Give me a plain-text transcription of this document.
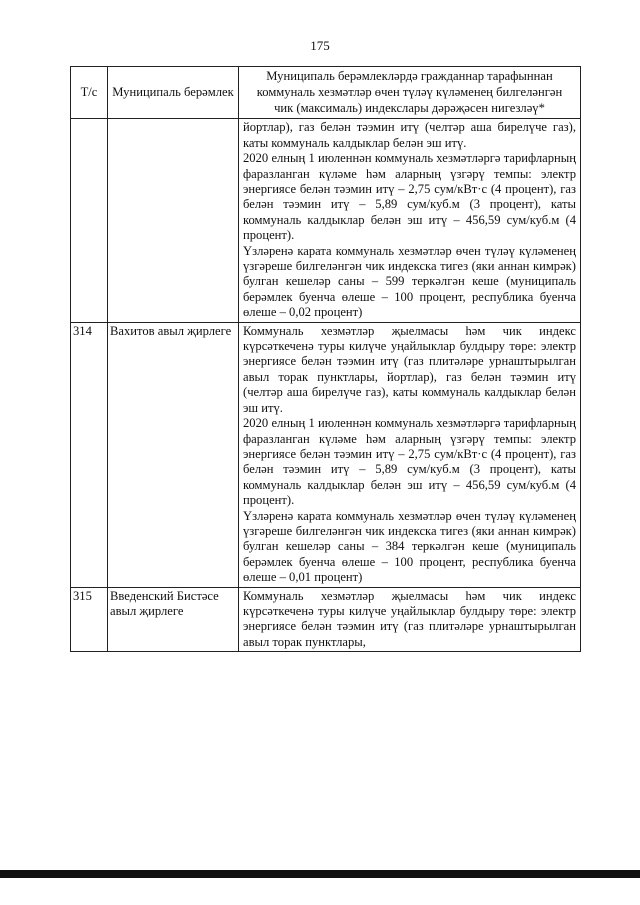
175
Т/с	Муниципаль берәмлек	Муниципаль берәмлекләрдә гражданнар тарафыннан коммуналь хезмәтләр өчен түләү күләменең билгеләнгән чик (максималь) индекслары дәрәҗәсен нигезләү*

		йортлар), газ белән тәэмин итү (челтәр аша бирелүче газ), каты коммуналь калдыклар белән эш итү.

2020 елның 1 июленнән коммуналь хезмәтләргә тарифларның фаразланган күләме һәм аларның үзгәрү темпы: электр энергиясе белән тәэмин итү – 2,75 сум/кВт·с (4 процент), газ белән тәэмин итү – 5,89 сум/куб.м (3 процент), каты коммуналь калдыклар белән эш итү – 456,59 сум/куб.м (4 процент).

Үзләренә карата коммуналь хезмәтләр өчен түләү күләменең үзгәреше билгеләнгән чик индекска тигез (яки аннан кимрәк) булган кешеләр саны – 599 теркәлгән кеше (муниципаль берәмлек буенча өлеше – 100 процент, республика буенча өлеше – 0,02 процент)

314	Вахитов авыл җирлеге	Коммуналь хезмәтләр җыелмасы һәм чик индекс күрсәткеченә туры килүче уңайлыклар булдыру төре: электр энергиясе белән тәэмин итү (газ плитәләре урнаштырылган авыл торак пунктлары, йортлар), газ белән тәэмин итү (челтәр аша бирелүче газ), каты коммуналь калдыклар белән эш итү.

2020 елның 1 июленнән коммуналь хезмәтләргә тарифларның фаразланган күләме һәм аларның үзгәрү темпы: электр энергиясе белән тәэмин итү – 2,75 сум/кВт·с (4 процент), газ белән тәэмин итү – 5,89 сум/куб.м (3 процент), каты коммуналь калдыклар белән эш итү – 456,59 сум/куб.м (4 процент).

Үзләренә карата коммуналь хезмәтләр өчен түләү күләменең үзгәреше билгеләнгән чик индекска тигез (яки аннан кимрәк) булган кешеләр саны – 384 теркәлгән кеше (муниципаль берәмлек буенча өлеше – 100 процент, республика буенча өлеше – 0,01 процент)

315	Введенский Бистәсе авыл җирлеге	Коммуналь хезмәтләр җыелмасы һәм чик индекс күрсәткеченә туры килүче уңайлыклар булдыру төре: электр энергиясе белән тәэмин итү (газ плитәләре урнаштырылган авыл торак пунктлары,
